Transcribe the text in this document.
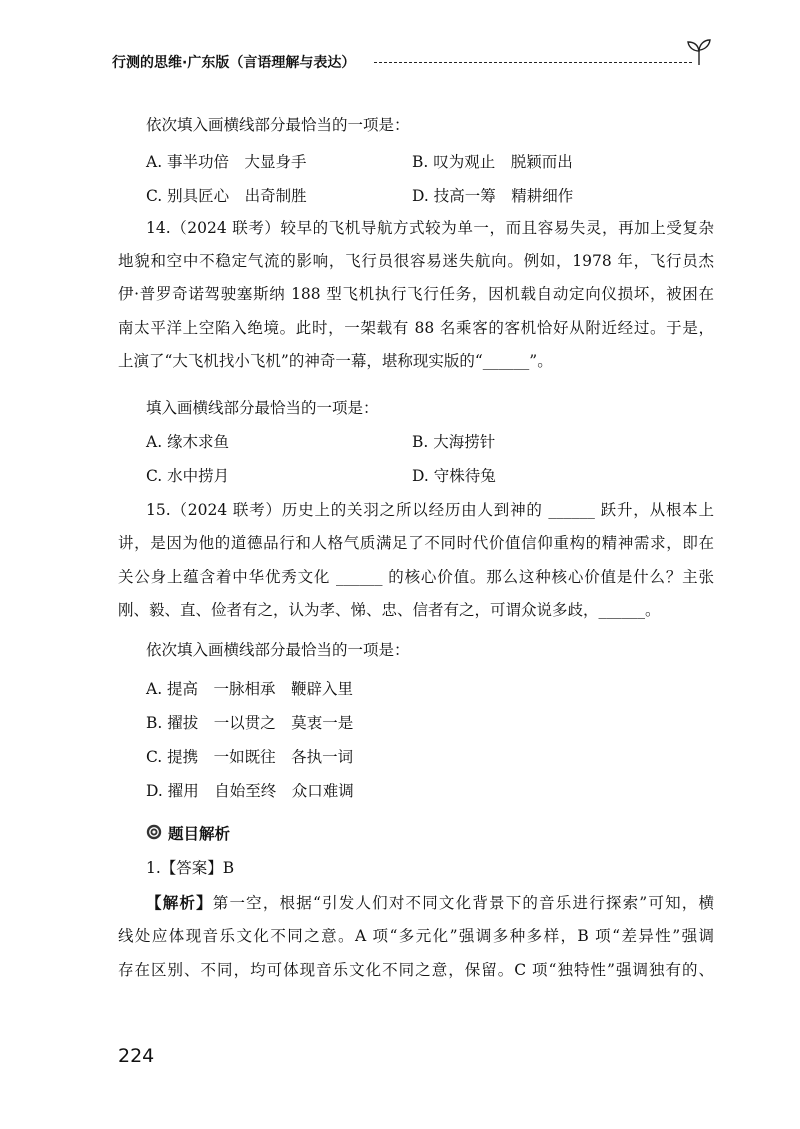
行测的思维·广东版（言语理解与表达）
依次填入画横线部分最恰当的一项是：
A. 事半功倍　大显身手	B. 叹为观止　脱颖而出
C. 别具匠心　出奇制胜	D. 技高一筹　精耕细作
14.（2024 联考）较早的飞机导航方式较为单一，而且容易失灵，再加上受复杂
地貌和空中不稳定气流的影响，飞行员很容易迷失航向。例如，1978 年，飞行员杰
伊·普罗奇诺驾驶塞斯纳 188 型飞机执行飞行任务，因机载自动定向仪损坏，被困在
南太平洋上空陷入绝境。此时，一架载有 88 名乘客的客机恰好从附近经过。于是，
上演了“大飞机找小飞机”的神奇一幕，堪称现实版的“______”。
填入画横线部分最恰当的一项是：
A. 缘木求鱼	B. 大海捞针
C. 水中捞月	D. 守株待兔
15.（2024 联考）历史上的关羽之所以经历由人到神的 ______ 跃升，从根本上
讲，是因为他的道德品行和人格气质满足了不同时代价值信仰重构的精神需求，即在
关公身上蕴含着中华优秀文化 ______ 的核心价值。那么这种核心价值是什么？主张
刚、毅、直、俭者有之，认为孝、悌、忠、信者有之，可谓众说多歧，______。
依次填入画横线部分最恰当的一项是：
A. 提高　一脉相承　鞭辟入里
B. 擢拔　一以贯之　莫衷一是
C. 提携　一如既往　各执一词
D. 擢用　自始至终　众口难调
题目解析
1.【答案】B
【解析】第一空，根据“引发人们对不同文化背景下的音乐进行探索”可知，横
线处应体现音乐文化不同之意。A 项“多元化”强调多种多样，B 项“差异性”强调
存在区别、不同，均可体现音乐文化不同之意，保留。C 项“独特性”强调独有的、
224
